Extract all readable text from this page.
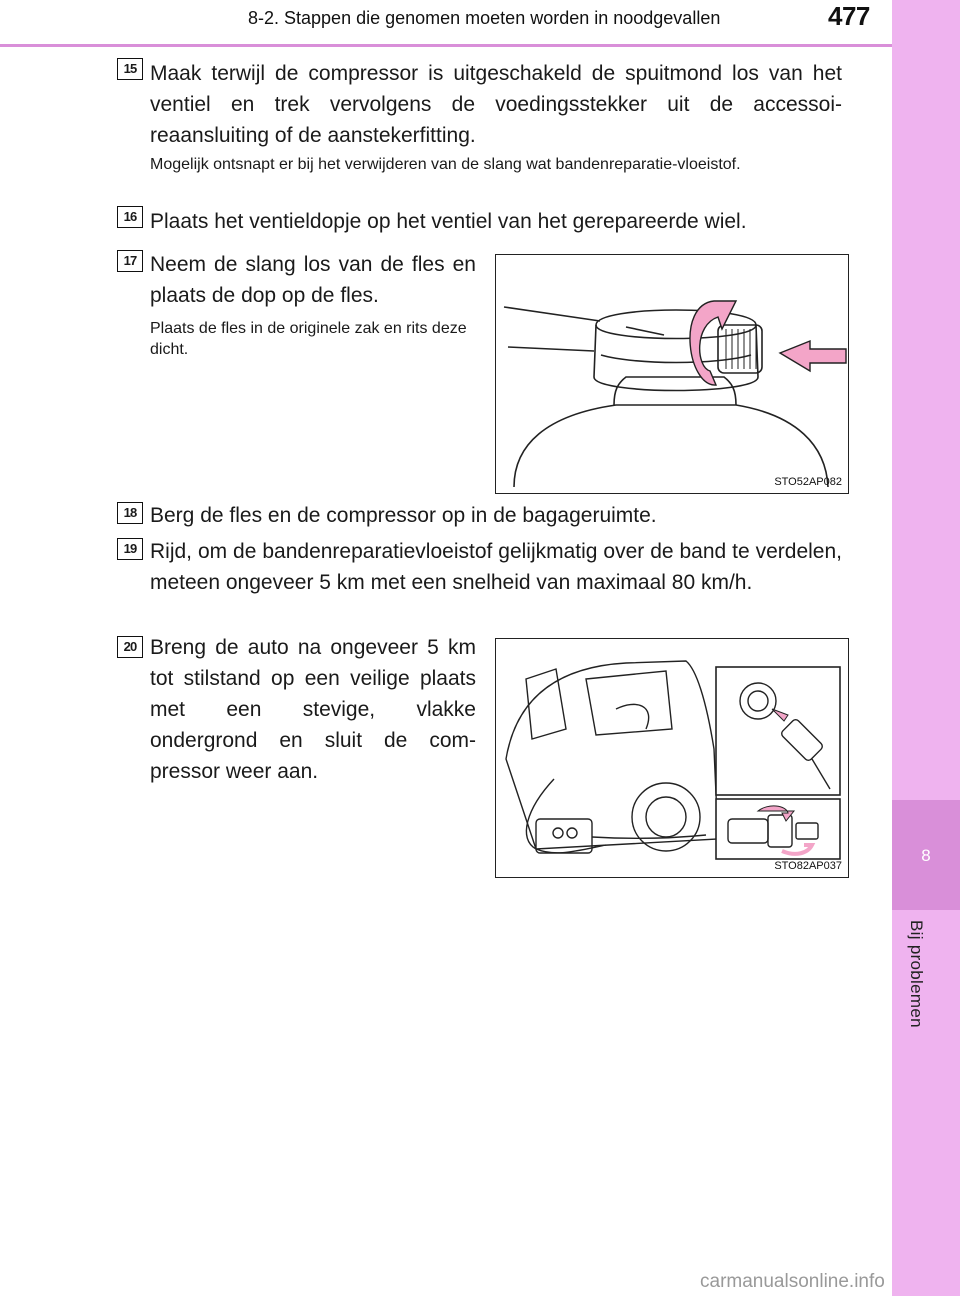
8
Bij problemen
8-2. Stappen die genomen moeten worden in noodgevallen	477
15 Maak terwijl de compressor is uitgeschakeld de spuitmond los van het ventiel en trek vervolgens de voedingsstekker uit de accessoi-reaansluiting of de aanstekerfitting.
Mogelijk ontsnapt er bij het verwijderen van de slang wat bandenreparatie-vloeistof.
16 Plaats het ventieldopje op het ventiel van het gerepareerde wiel.
17 Neem de slang los van de fles en plaats de dop op de fles.
Plaats de fles in de originele zak en rits deze dicht.
STO52AP082
18 Berg de fles en de compressor op in de bagageruimte.
19 Rijd, om de bandenreparatievloeistof gelijkmatig over de band te verdelen, meteen ongeveer 5 km met een snelheid van maximaal 80 km/h.
20 Breng de auto na ongeveer 5 km tot stilstand op een veilige plaats met een stevige, vlakke ondergrond en sluit de com-pressor weer aan.
STO82AP037
carmanualsonline.info
